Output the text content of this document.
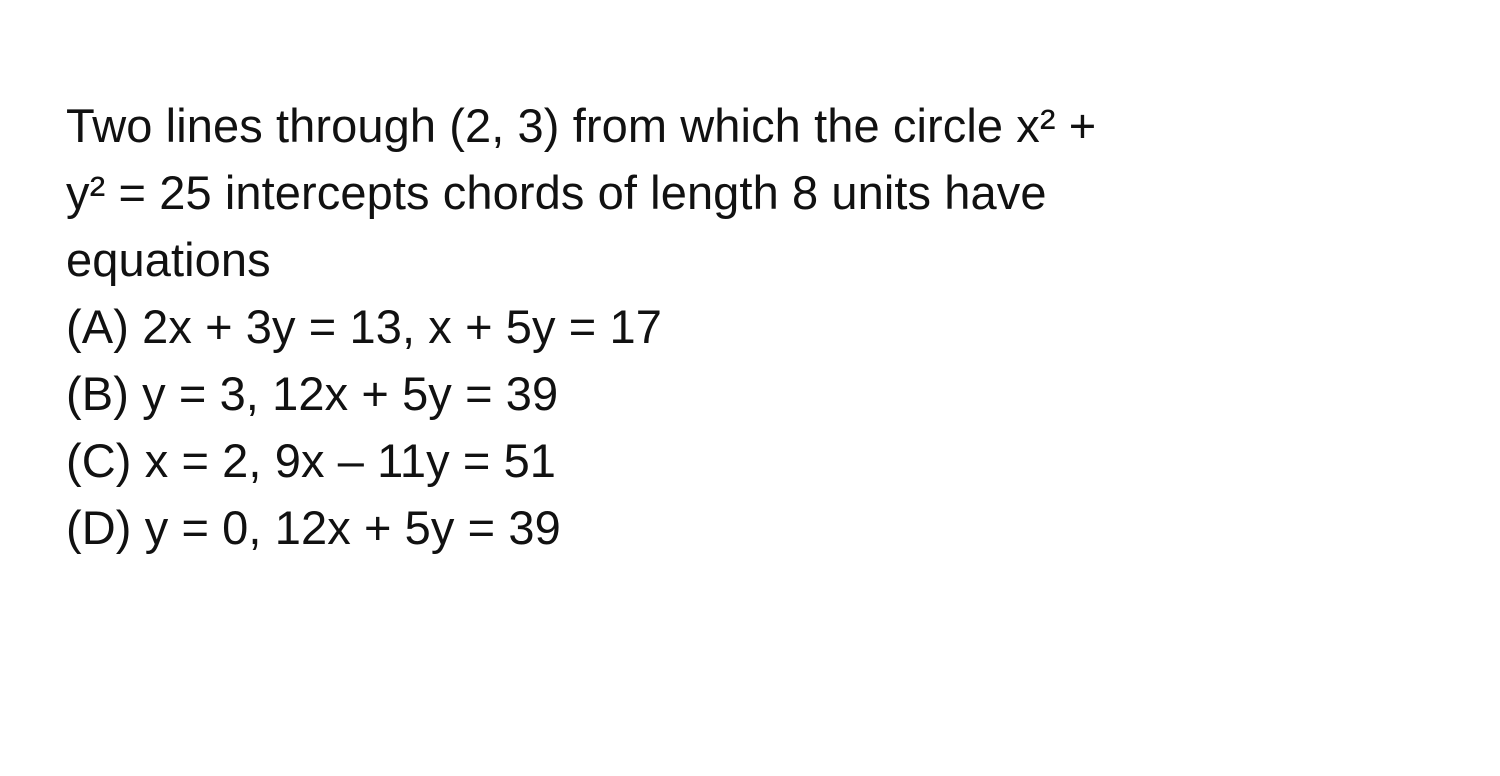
Two lines through (2, 3) from which the circle x² +
y² = 25 intercepts chords of length 8 units have
equations
(A) 2x + 3y = 13, x + 5y = 17
(B) y = 3, 12x + 5y = 39
(C) x = 2, 9x – 11y = 51
(D) y = 0, 12x + 5y = 39
